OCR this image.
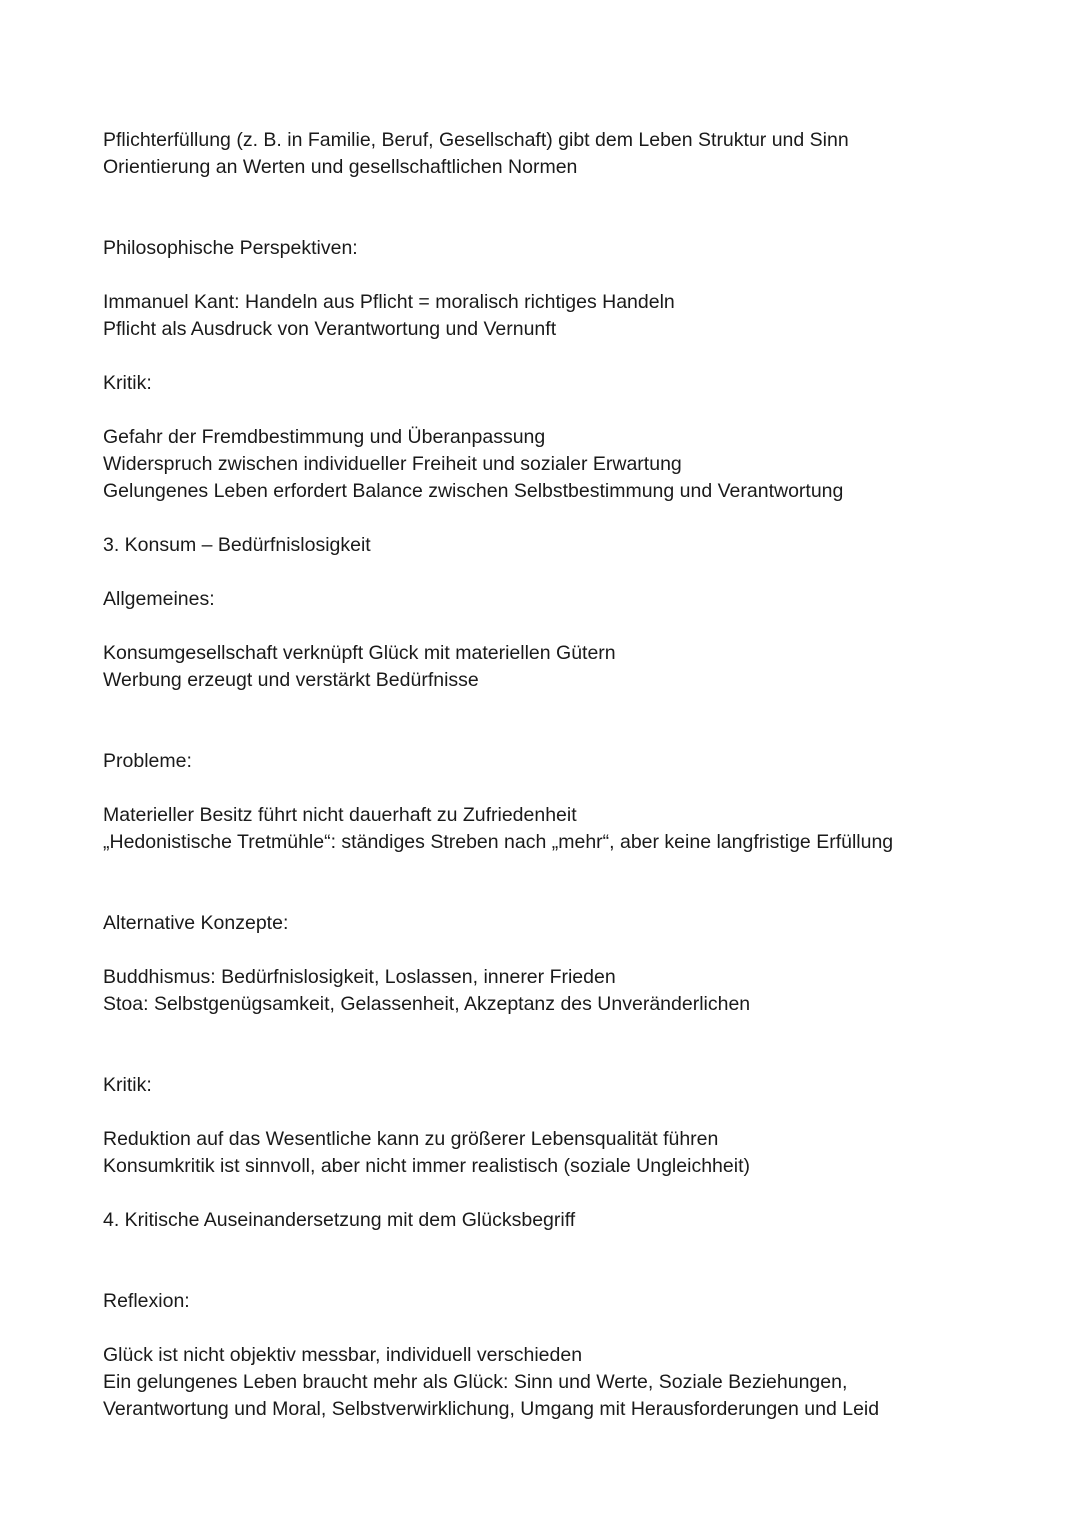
Pflichterfüllung (z. B. in Familie, Beruf, Gesellschaft) gibt dem Leben Struktur und Sinn
Orientierung an Werten und gesellschaftlichen Normen
Philosophische Perspektiven:
Immanuel Kant: Handeln aus Pflicht = moralisch richtiges Handeln
Pflicht als Ausdruck von Verantwortung und Vernunft
Kritik:
Gefahr der Fremdbestimmung und Überanpassung
Widerspruch zwischen individueller Freiheit und sozialer Erwartung
Gelungenes Leben erfordert Balance zwischen Selbstbestimmung und Verantwortung
3. Konsum – Bedürfnislosigkeit
Allgemeines:
Konsumgesellschaft verknüpft Glück mit materiellen Gütern
Werbung erzeugt und verstärkt Bedürfnisse
Probleme:
Materieller Besitz führt nicht dauerhaft zu Zufriedenheit
„Hedonistische Tretmühle“: ständiges Streben nach „mehr“, aber keine langfristige Erfüllung
Alternative Konzepte:
Buddhismus: Bedürfnislosigkeit, Loslassen, innerer Frieden
Stoa: Selbstgenügsamkeit, Gelassenheit, Akzeptanz des Unveränderlichen
Kritik:
Reduktion auf das Wesentliche kann zu größerer Lebensqualität führen
Konsumkritik ist sinnvoll, aber nicht immer realistisch (soziale Ungleichheit)
4. Kritische Auseinandersetzung mit dem Glücksbegriff
Reflexion:
Glück ist nicht objektiv messbar, individuell verschieden
Ein gelungenes Leben braucht mehr als Glück: Sinn und Werte, Soziale Beziehungen,
Verantwortung und Moral, Selbstverwirklichung, Umgang mit Herausforderungen und Leid
